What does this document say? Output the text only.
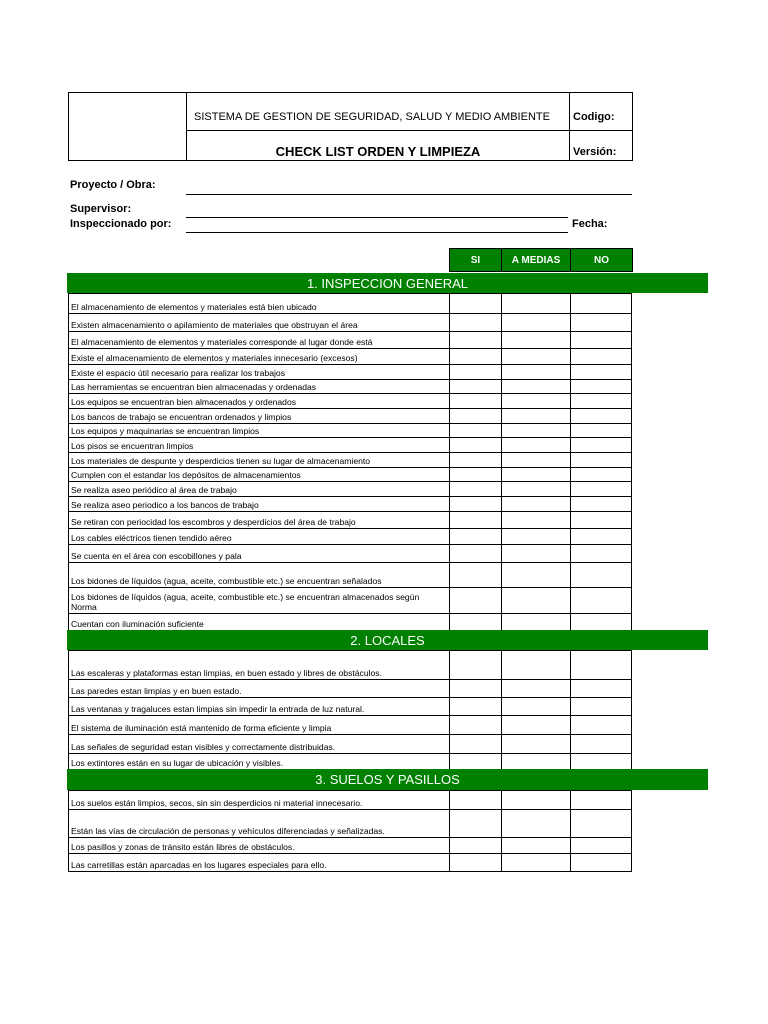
SISTEMA DE GESTION DE SEGURIDAD, SALUD Y MEDIO AMBIENTE
CHECK LIST ORDEN Y LIMPIEZA
Codigo:
Versión:
Proyecto / Obra:
Supervisor:
Inspeccionado por:	Fecha:
SI	A MEDIAS	NO
1. INSPECCION GENERAL
El almacenamiento de elementos y materiales está bien ubicado
Existen almacenamiento o apilamiento de materiales que obstruyan el área
El almacenamiento de elementos y materiales corresponde al lugar donde está
Existe el almacenamiento de elementos y materiales innecesario (excesos)
Existe el espacio útil necesario para realizar los trabajos
Las herramientas se encuentran bien almacenadas y ordenadas
Los equipos se encuentran bien almacenados y ordenados
Los bancos de trabajo se encuentran ordenados y limpios
Los equipos y maquinarias se encuentran limpios
Los pisos se encuentran limpios
Los materiales de despunte y desperdicios tienen su lugar de almacenamiento
Cumplen con el estandar los depósitos de almacenamientos
Se realiza aseo periódico al área de trabajo
Se realiza aseo periodico a los bancos de trabajo
Se retiran con periocidad los escombros y desperdicios del área de trabajo
Los cables eléctricos tienen tendido aéreo
Se cuenta en el área con escobillones y pala
Los bidones de líquidos (agua, aceite, combustible etc.) se encuentran señalados
Los bidones de líquidos (agua, aceite, combustible etc.) se encuentran almacenados según Norma
Cuentan con iluminación suficiente
2. LOCALES
Las escaleras y plataformas estan limpias, en buen estado y libres de obstáculos.
Las paredes estan limpias y en buen estado.
Las ventanas y tragaluces estan limpias sin impedir la entrada de luz natural.
El sistema de iluminación está mantenido de forma eficiente y limpia
Las señales de seguridad estan visibles y correctamente distribuidas.
Los extintores están en su lugar de ubicación y visibles.
3. SUELOS Y PASILLOS
Los suelos están limpios, secos, sin sin desperdicios ni material innecesario.
Están las vías de circulación de personas y vehículos diferenciadas y señalizadas.
Los pasillos y zonas de tránsito están libres de obstáculos.
Las carretillas están aparcadas en los lugares especiales para ello.
